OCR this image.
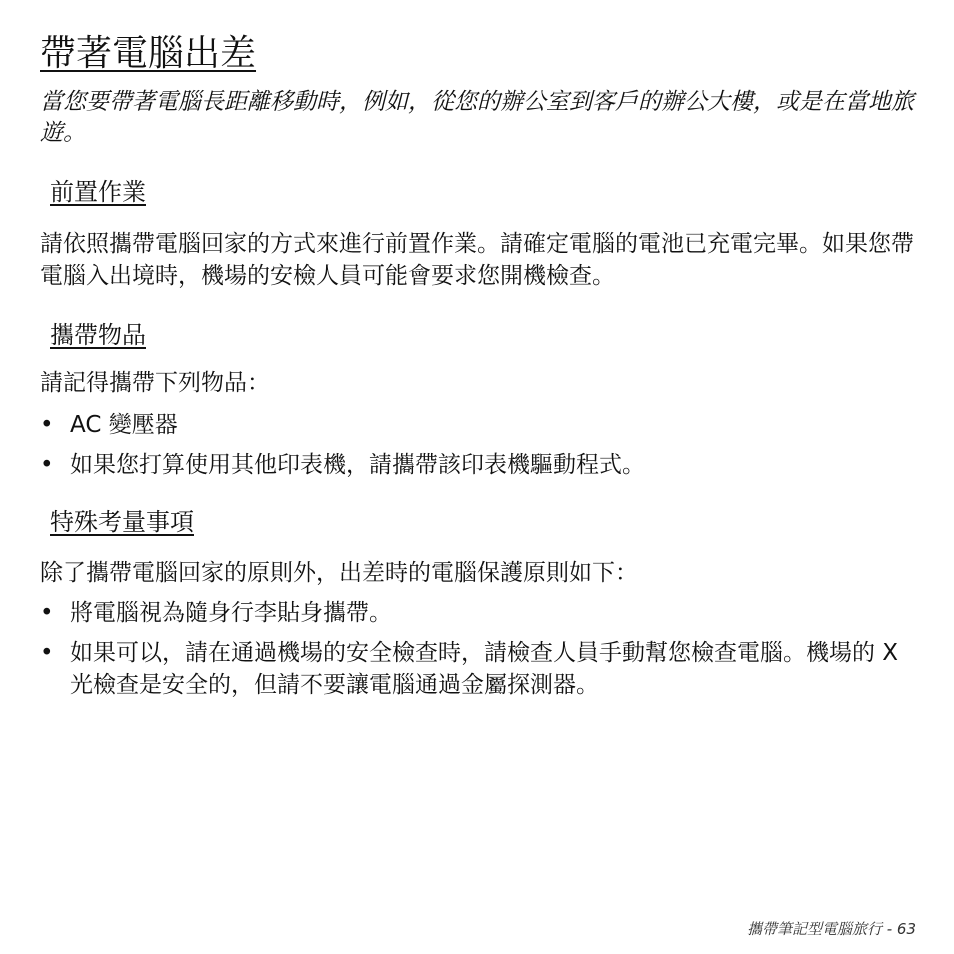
帶著電腦出差

當您要帶著電腦長距離移動時，例如，從您的辦公室到客戶的辦公大樓，或是在當地旅遊。

前置作業

請依照攜帶電腦回家的方式來進行前置作業。請確定電腦的電池已充電完畢。如果您帶電腦入出境時，機場的安檢人員可能會要求您開機檢查。

攜帶物品

請記得攜帶下列物品：

• AC 變壓器
• 如果您打算使用其他印表機，請攜帶該印表機驅動程式。
特殊考量事項

除了攜帶電腦回家的原則外，出差時的電腦保護原則如下：

• 將電腦視為隨身行李貼身攜帶。
• 如果可以，請在通過機場的安全檢查時，請檢查人員手動幫您檢查電腦。機場的 X 光檢查是安全的，但請不要讓電腦通過金屬探測器。
攜帶筆記型電腦旅行 - 63
